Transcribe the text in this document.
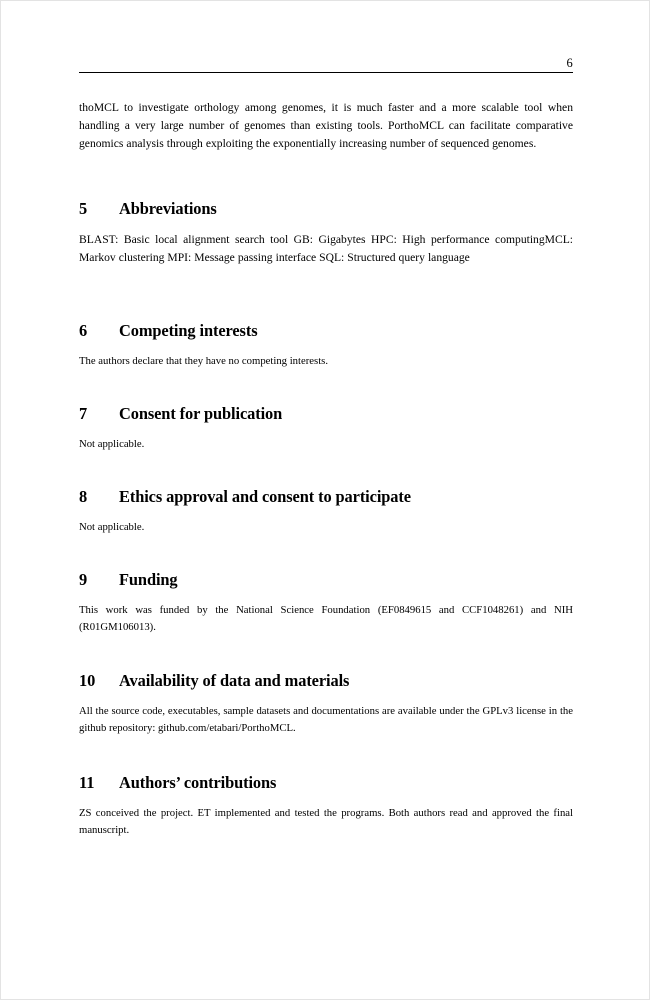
6

thoMCL to investigate orthology among genomes, it is much faster and a more scalable tool when handling a very large number of genomes than existing tools. PorthoMCL can facilitate comparative genomics analysis through exploiting the exponentially increasing number of sequenced genomes.

5	Abbreviations

BLAST: Basic local alignment search tool GB: Gigabytes HPC: High performance computingMCL: Markov clustering MPI: Message passing interface SQL: Structured query language

6	Competing interests

The authors declare that they have no competing interests.

7	Consent for publication

Not applicable.

8	Ethics approval and consent to participate

Not applicable.

9	Funding

This work was funded by the National Science Foundation (EF0849615 and CCF1048261) and NIH (R01GM106013).

10	Availability of data and materials

All the source code, executables, sample datasets and documentations are available under the GPLv3 license in the github repository: github.com/etabari/PorthoMCL.

11	Authors’ contributions

ZS conceived the project. ET implemented and tested the programs. Both authors read and approved the final manuscript.
